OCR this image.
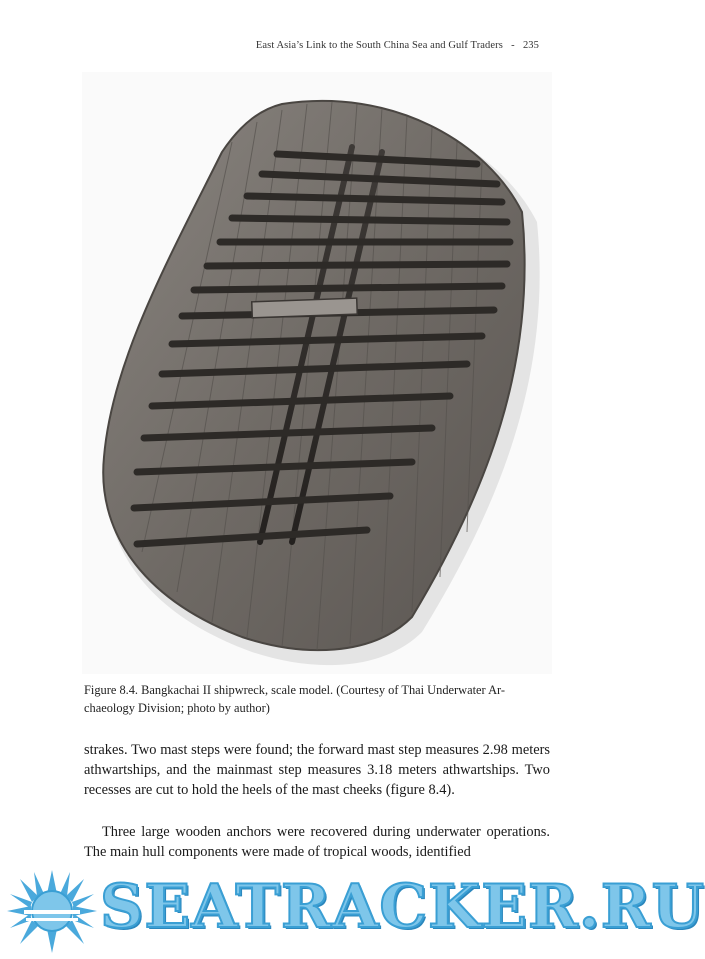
East Asia’s Link to the South China Sea and Gulf Traders - 235
Figure 8.4. Bangkachai II shipwreck, scale model. (Courtesy of Thai Underwater Ar-
chaeology Division; photo by author)

strakes. Two mast steps were found; the forward mast step measures 2.98 meters athwartships, and the mainmast step measures 3.18 meters athwartships. Two recesses are cut to hold the heels of the mast cheeks (figure 8.4).

Three large wooden anchors were recovered during underwater operations. The main hull components were made of tropical woods, identified

SEATRACKER.RU
